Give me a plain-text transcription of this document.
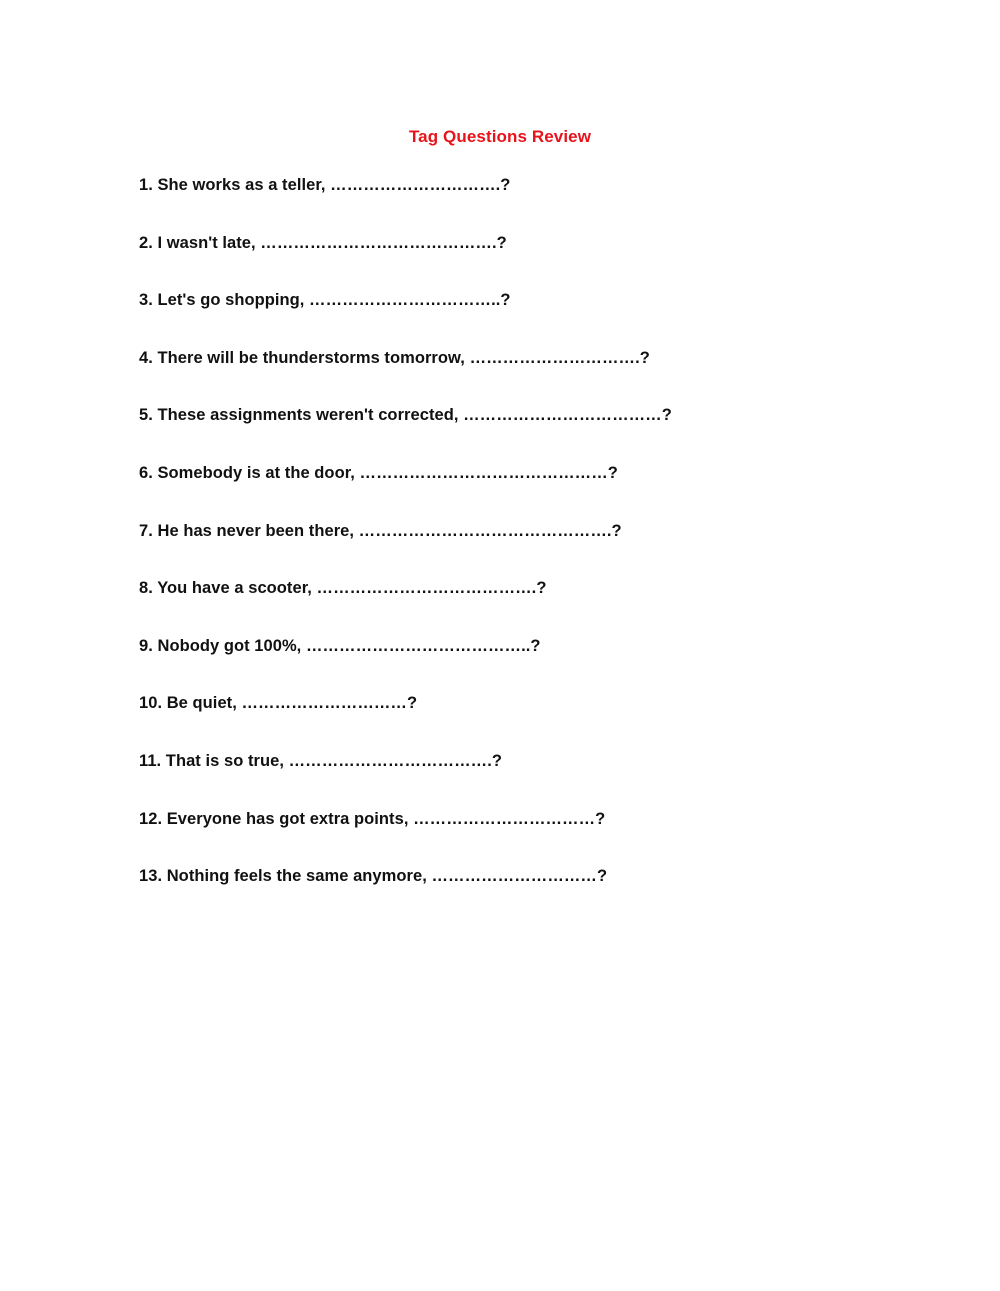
Tag Questions Review
1. She works as a teller, ………………………….?
2. I wasn't late, …………………………………….?
3. Let's go shopping, ……………………………..?
4. There will be thunderstorms tomorrow, ………………………….?
5. These assignments weren't corrected, ………………………………?
6. Somebody is at the door, ………………………………………?
7. He has never been there, ……………………………………….?
8. You have a scooter, ………………………………….?
9. Nobody got 100%, …………………………………..?
10. Be quiet, …………………………?
11. That is so true, ……………………………….?
12. Everyone has got extra points, ……………………………?
13. Nothing feels the same anymore, …………………………?
